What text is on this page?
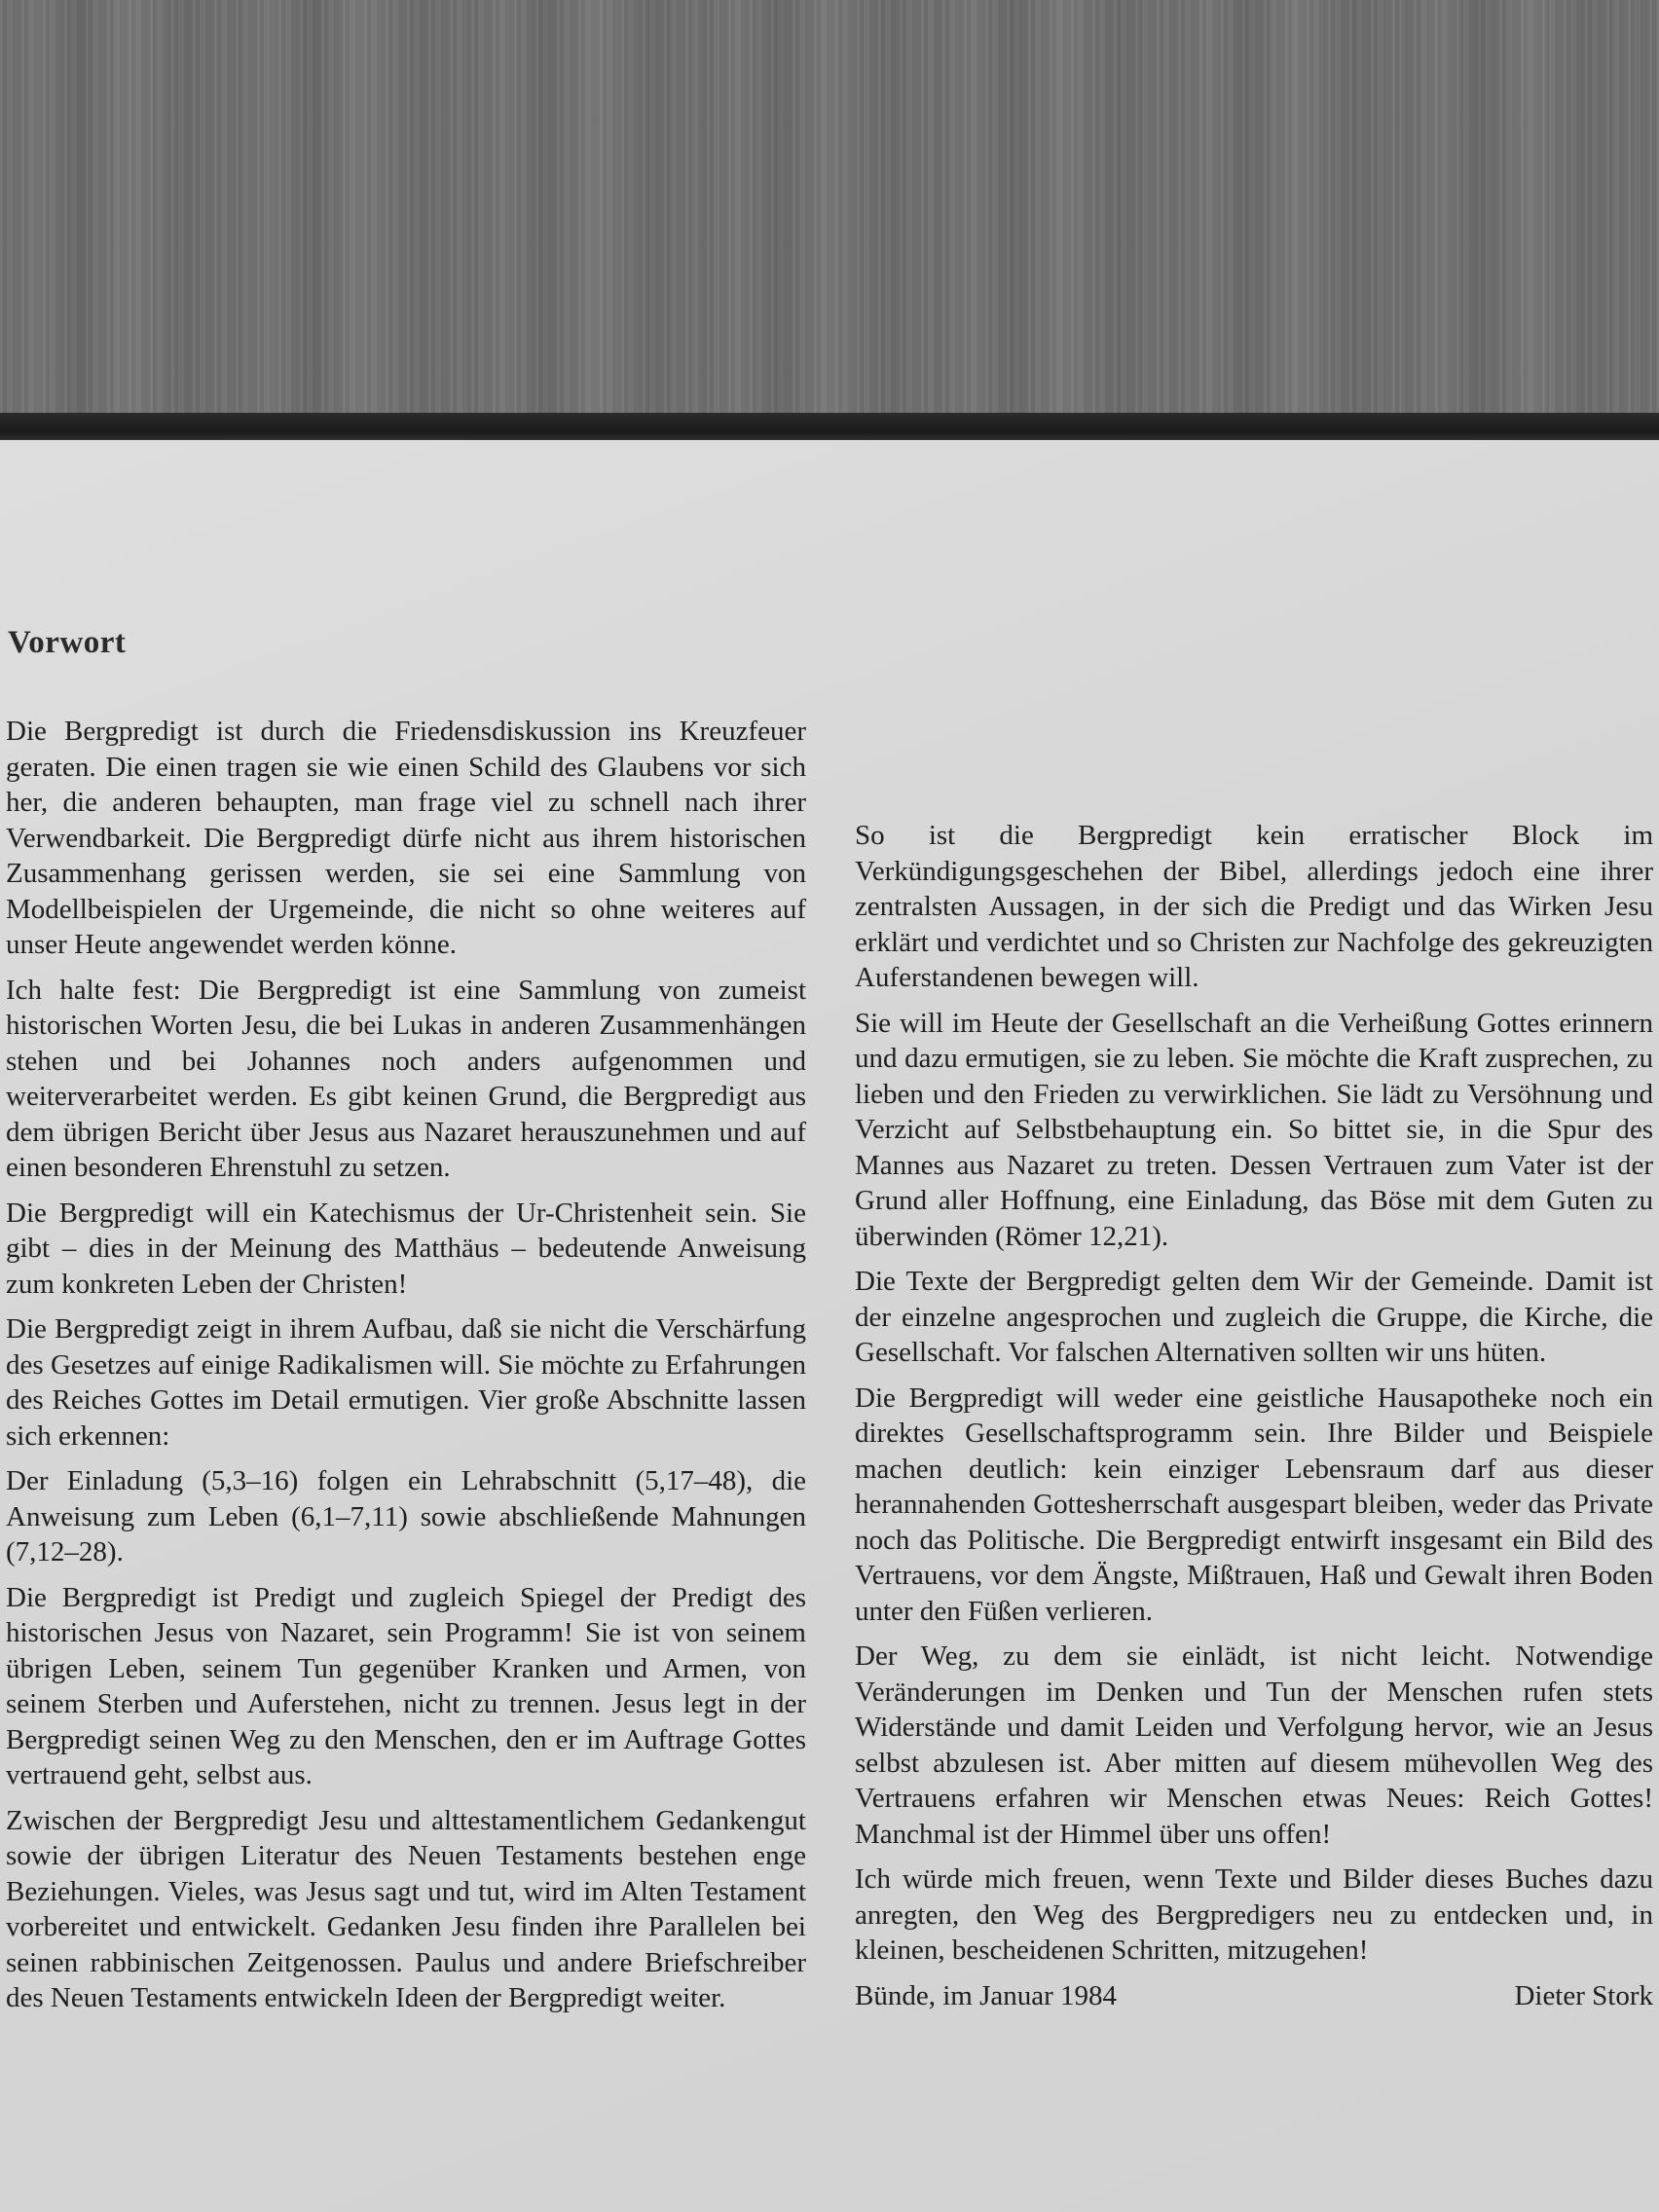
Vorwort

Die Bergpredigt ist durch die Friedensdiskussion ins Kreuzfeuer geraten. Die einen tragen sie wie einen Schild des Glaubens vor sich her, die anderen behaupten, man frage viel zu schnell nach ihrer Verwendbarkeit. Die Bergpredigt dürfe nicht aus ihrem historischen Zusammenhang gerissen werden, sie sei eine Sammlung von Modellbeispielen der Urgemeinde, die nicht so ohne weiteres auf unser Heute angewendet werden könne.

Ich halte fest: Die Bergpredigt ist eine Sammlung von zumeist historischen Worten Jesu, die bei Lukas in anderen Zusammenhängen stehen und bei Johannes noch anders aufgenommen und weiterverarbeitet werden. Es gibt keinen Grund, die Bergpredigt aus dem übrigen Bericht über Jesus aus Nazaret herauszunehmen und auf einen besonderen Ehrenstuhl zu setzen.

Die Bergpredigt will ein Katechismus der Ur-Christenheit sein. Sie gibt – dies in der Meinung des Matthäus – bedeutende Anweisung zum konkreten Leben der Christen!

Die Bergpredigt zeigt in ihrem Aufbau, daß sie nicht die Verschärfung des Gesetzes auf einige Radikalismen will. Sie möchte zu Erfahrungen des Reiches Gottes im Detail ermutigen. Vier große Abschnitte lassen sich erkennen:

Der Einladung (5,3–16) folgen ein Lehrabschnitt (5,17–48), die Anweisung zum Leben (6,1–7,11) sowie abschließende Mahnungen (7,12–28).

Die Bergpredigt ist Predigt und zugleich Spiegel der Predigt des historischen Jesus von Nazaret, sein Programm! Sie ist von seinem übrigen Leben, seinem Tun gegenüber Kranken und Armen, von seinem Sterben und Auferstehen, nicht zu trennen. Jesus legt in der Bergpredigt seinen Weg zu den Menschen, den er im Auftrage Gottes vertrauend geht, selbst aus.

Zwischen der Bergpredigt Jesu und alttestamentlichem Gedankengut sowie der übrigen Literatur des Neuen Testaments bestehen enge Beziehungen. Vieles, was Jesus sagt und tut, wird im Alten Testament vorbereitet und entwickelt. Gedanken Jesu finden ihre Parallelen bei seinen rabbinischen Zeitgenossen. Paulus und andere Briefschreiber des Neuen Testaments entwickeln Ideen der Bergpredigt weiter.

So ist die Bergpredigt kein erratischer Block im Verkündigungsgeschehen der Bibel, allerdings jedoch eine ihrer zentralsten Aussagen, in der sich die Predigt und das Wirken Jesu erklärt und verdichtet und so Christen zur Nachfolge des gekreuzigten Auferstandenen bewegen will.

Sie will im Heute der Gesellschaft an die Verheißung Gottes erinnern und dazu ermutigen, sie zu leben. Sie möchte die Kraft zusprechen, zu lieben und den Frieden zu verwirklichen. Sie lädt zu Versöhnung und Verzicht auf Selbstbehauptung ein. So bittet sie, in die Spur des Mannes aus Nazaret zu treten. Dessen Vertrauen zum Vater ist der Grund aller Hoffnung, eine Einladung, das Böse mit dem Guten zu überwinden (Römer 12,21).

Die Texte der Bergpredigt gelten dem Wir der Gemeinde. Damit ist der einzelne angesprochen und zugleich die Gruppe, die Kirche, die Gesellschaft. Vor falschen Alternativen sollten wir uns hüten.

Die Bergpredigt will weder eine geistliche Hausapotheke noch ein direktes Gesellschaftsprogramm sein. Ihre Bilder und Beispiele machen deutlich: kein einziger Lebensraum darf aus dieser herannahenden Gottesherrschaft ausgespart bleiben, weder das Private noch das Politische. Die Bergpredigt entwirft insgesamt ein Bild des Vertrauens, vor dem Ängste, Mißtrauen, Haß und Gewalt ihren Boden unter den Füßen verlieren.

Der Weg, zu dem sie einlädt, ist nicht leicht. Notwendige Veränderungen im Denken und Tun der Menschen rufen stets Widerstände und damit Leiden und Verfolgung hervor, wie an Jesus selbst abzulesen ist. Aber mitten auf diesem mühevollen Weg des Vertrauens erfahren wir Menschen etwas Neues: Reich Gottes! Manchmal ist der Himmel über uns offen!

Ich würde mich freuen, wenn Texte und Bilder dieses Buches dazu anregten, den Weg des Bergpredigers neu zu entdecken und, in kleinen, bescheidenen Schritten, mitzugehen!

Bünde, im Januar 1984	Dieter Stork
